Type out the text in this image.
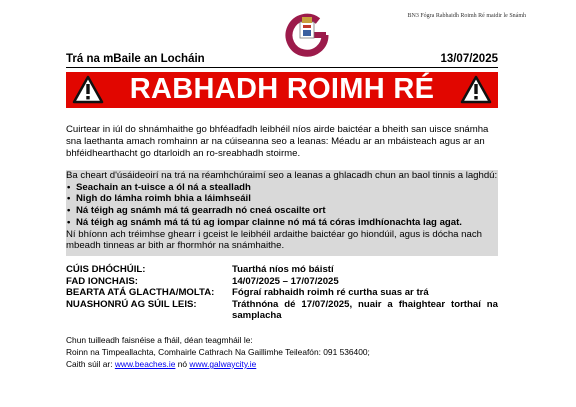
BN3 Fógra Rabhaidh Roimh Ré maidir le Snámh
Trá na mBaile an Locháin	13/07/2025
RABHADH ROIMH RÉ

Cuirtear in iúl do shnámhaithe go bhféadfadh leibhéil níos airde baictéar a bheith san uisce snámha sna laethanta amach romhainn ar na cúiseanna seo a leanas: Méadu ar an mbáisteach agus ar an bhféidhearthacht go dtarloidh an ro-sreabhadh stoirme.

Ba cheart d'úsáideoirí na trá na réamhchúraimí seo a leanas a ghlacadh chun an baol tinnis a laghdú:

• Seachain an t-uisce a ól ná a stealladh
• Nigh do lámha roimh bhia a láimhseáil
• Ná téigh ag snámh má tá gearradh nó cneá oscailte ort
• Ná téigh ag snámh má tá tú ag iompar clainne nó má tá córas imdhíonachta lag agat.

Ní bhíonn ach tréimhse ghearr i gceist le leibhéil ardaithe baictéar go hiondúil, agus is dócha nach mbeadh tinneas ar bith ar fhormhór na snámhaithe.

CÚIS DHÓCHÚIL:	Tuarthá níos mó báistí
FAD IONCHAIS:	14/07/2025 – 17/07/2025
BEARTA ATÁ GLACTHA/MOLTA:	Fógraí rabhaidh roimh ré curtha suas ar trá
NUASHONRÚ AG SÚIL LEIS:	Tráthnóna dé 17/07/2025, nuair a fhaightear torthaí na samplacha
Chun tuilleadh faisnéise a fháil, déan teagmháil le:
Roinn na Timpeallachta, Comhairle Cathrach Na Gaillimhe Teileafón: 091 536400;
Caith súil ar: www.beaches.ie nó www.galwaycity.ie
